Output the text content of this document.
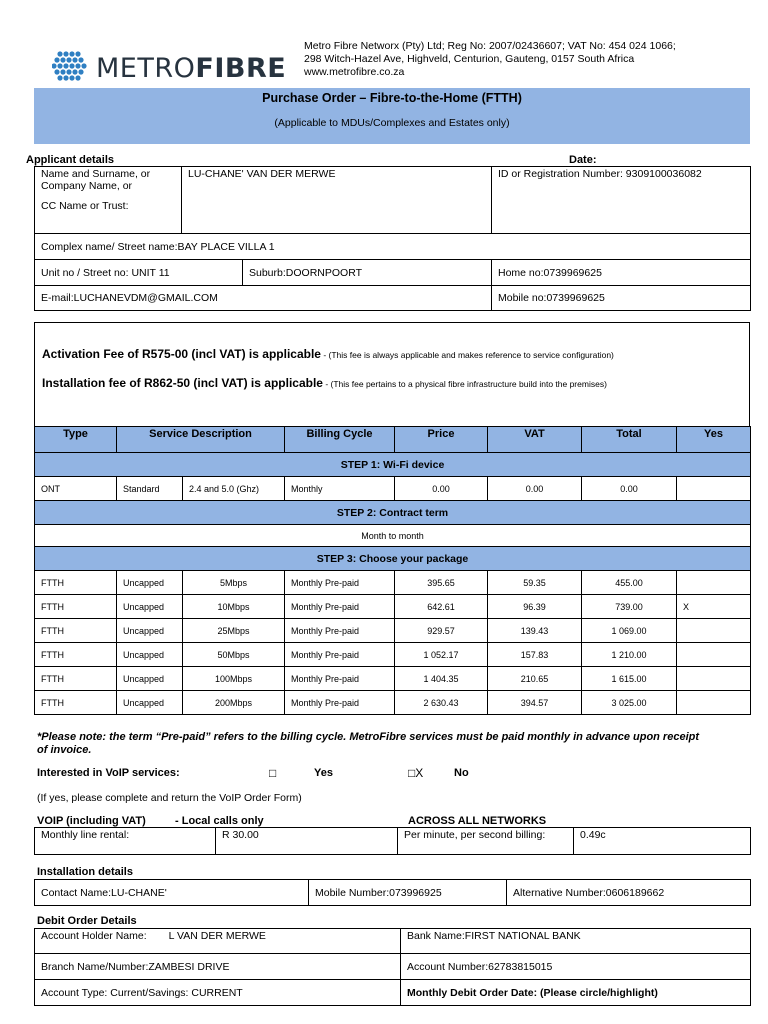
METROFIBRE
Metro Fibre Networx (Pty) Ltd; Reg No: 2007/02436607; VAT No: 454 024 1066;
298 Witch-Hazel Ave, Highveld, Centurion, Gauteng, 0157 South Africa
www.metrofibre.co.za
Purchase Order – Fibre-to-the-Home (FTTH)
(Applicable to MDUs/Complexes and Estates only)
Applicant details	Date:
Name and Surname, or
Company Name, or
CC Name or Trust:	LU-CHANE' VAN DER MERWE		ID or Registration Number: 9309100036082
Complex name/ Street name:BAY PLACE VILLA 1			
Unit no / Street no: UNIT 11		Suburb:DOORNPOORT	Home no:0739969625
E-mail:LUCHANEVDM@GMAIL.COM			Mobile no:0739969625
Activation Fee of R575-00 (incl VAT) is applicable - (This fee is always applicable and makes reference to service configuration)
Installation fee of R862-50 (incl VAT) is applicable - (This fee pertains to a physical fibre infrastructure build into the premises)
Type	Service Description		Billing Cycle	Price	VAT	Total	Yes
STEP 1: Wi-Fi device							
ONT	Standard	2.4 and 5.0 (Ghz)	Monthly	0.00	0.00	0.00	
STEP 2: Contract term							
Month to month							
STEP 3: Choose your package							
FTTH	Uncapped	5Mbps	Monthly Pre-paid	395.65	59.35	455.00	
FTTH	Uncapped	10Mbps	Monthly Pre-paid	642.61	96.39	739.00	X
FTTH	Uncapped	25Mbps	Monthly Pre-paid	929.57	139.43	1 069.00	
FTTH	Uncapped	50Mbps	Monthly Pre-paid	1 052.17	157.83	1 210.00	
FTTH	Uncapped	100Mbps	Monthly Pre-paid	1 404.35	210.65	1 615.00	
FTTH	Uncapped	200Mbps	Monthly Pre-paid	2 630.43	394.57	3 025.00	
*Please note: the term “Pre-paid” refers to the billing cycle. MetroFibre services must be paid monthly in advance upon receipt
of invoice.
Interested in VoIP services:	□	Yes	□X	No
(If yes, please complete and return the VoIP Order Form)
VOIP (including VAT)	- Local calls only	ACROSS ALL NETWORKS
Monthly line rental:	R 30.00	Per minute, per second billing:	0.49c
Installation details
Contact Name:LU-CHANE'	Mobile Number:073996925	Alternative Number:0606189662
Debit Order Details
Account Holder Name: L VAN DER MERWE	Bank Name:FIRST NATIONAL BANK
Branch Name/Number:ZAMBESI DRIVE	Account Number:62783815015
Account Type: Current/Savings: CURRENT	Monthly Debit Order Date: (Please circle/highlight)
